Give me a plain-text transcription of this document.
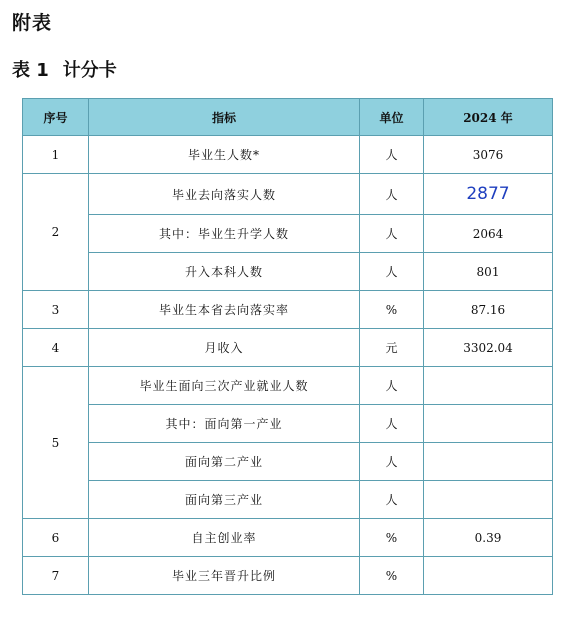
附表
表 1 计分卡
序号	指标	单位	2024 年
1	毕业生人数*	人	3076
2	毕业去向落实人数	人	2877
	其中：毕业生升学人数	人	2064
	升入本科人数	人	801
3	毕业生本省去向落实率	%	87.16
4	月收入	元	3302.04
5	毕业生面向三次产业就业人数	人	
	其中：面向第一产业	人	
	面向第二产业	人	
	面向第三产业	人	
6	自主创业率	%	0.39
7	毕业三年晋升比例	%	
